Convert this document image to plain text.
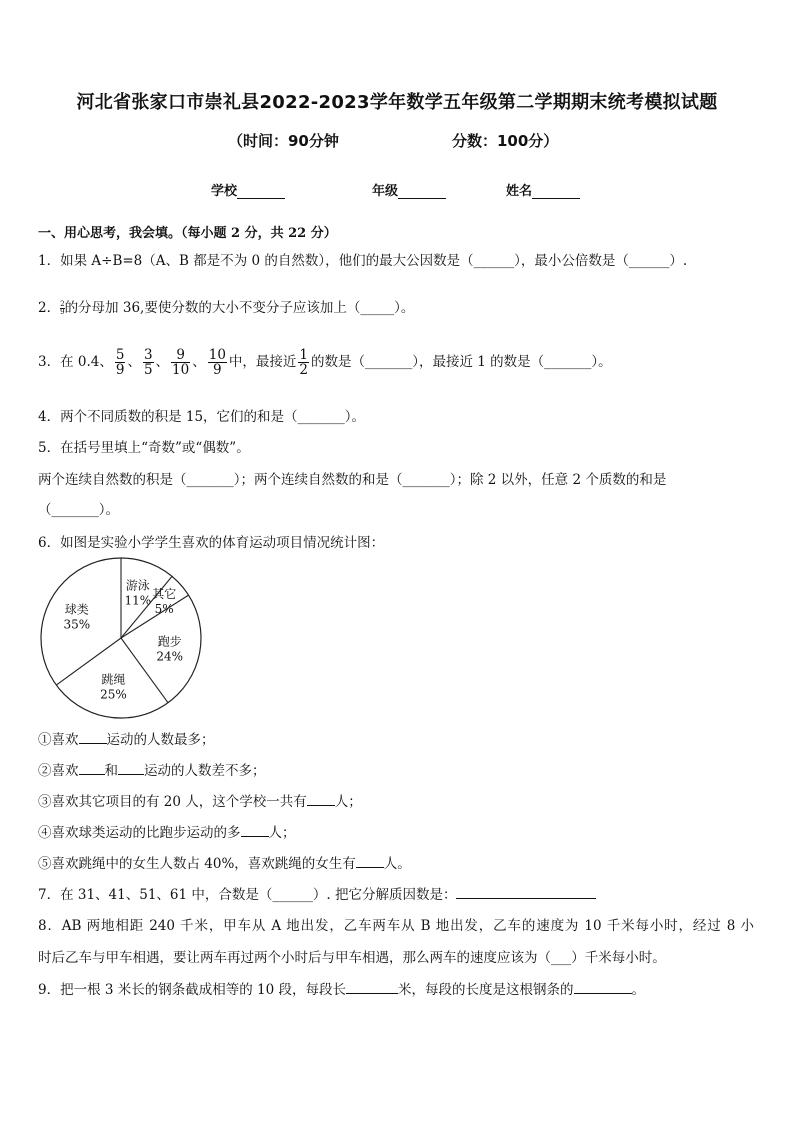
河北省张家口市崇礼县2022-2023学年数学五年级第二学期期末统考模拟试题
（时间：90分钟	分数：100分）
学校	年级	姓名
一、用心思考，我会填。（每小题 2 分，共 22 分）
1．如果 A÷B=8（A、B 都是不为 0 的自然数），他们的最大公因数是（______），最小公倍数是（______）.
2． $\frac{2}{9}$的分母加 36,要使分数的大小不变分子应该加上（_____）。
3．在 0.4、 $\frac{5}{9}$ 、 $\frac{3}{5}$ 、 $\frac{9}{10}$ 、 $\frac{10}{9}$ 中，最接近 $\frac{1}{2}$ 的数是（_______），最接近 1 的数是（_______）。
4．两个不同质数的积是 15，它们的和是（_______）。
5．在括号里填上“奇数”或“偶数”。
两个连续自然数的积是（_______）；两个连续自然数的和是（_______）；除 2 以外，任意 2 个质数的和是
（_______）。
6．如图是实验小学学生喜欢的体育运动项目情况统计图：
游泳
11% 其它
5%
跑步
24%
跳绳
25%
球类
35%
①喜欢 运动的人数最多；
②喜欢 和 运动的人数差不多；
③喜欢其它项目的有 20 人，这个学校一共有 人；
④喜欢球类运动的比跑步运动的多 人；
⑤喜欢跳绳中的女生人数占 40%，喜欢跳绳的女生有 人。
7．在 31、41、51、61 中，合数是（______）. 把它分解质因数是：
8．AB 两地相距 240 千米，甲车从 A 地出发，乙车两车从 B 地出发，乙车的速度为 10 千米每小时，经过 8 小
时后乙车与甲车相遇，要让两车再过两个小时后与甲车相遇，那么两车的速度应该为（___）千米每小时。
9．把一根 3 米长的钢条截成相等的 10 段，每段长	米，每段的长度是这根钢条的	。
